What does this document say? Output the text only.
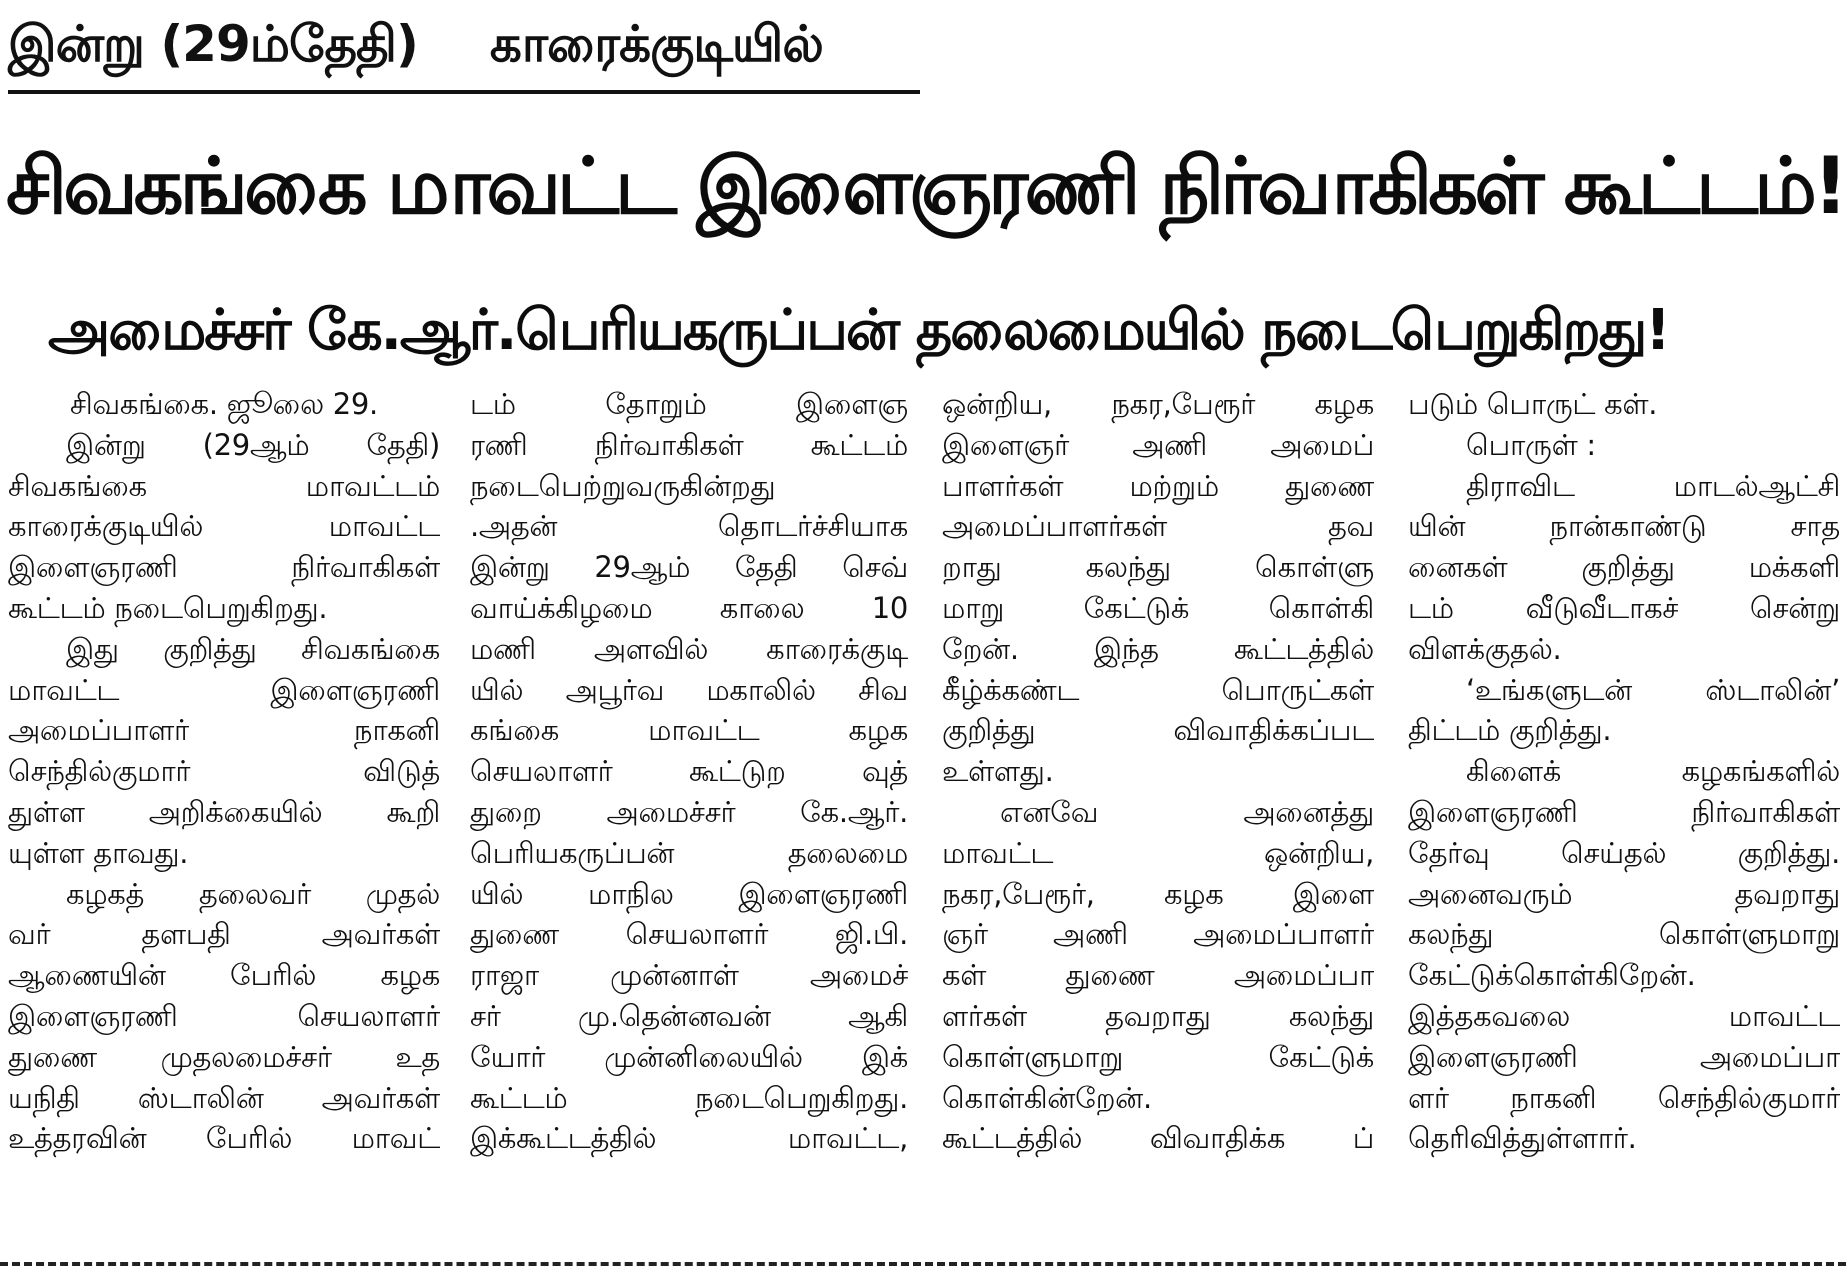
இன்று (29ம்தேதி) காரைக்குடியில்
சிவகங்கை மாவட்ட இளைஞரணி நிர்வாகிகள் கூட்டம்!
அமைச்சர் கே.ஆர்.பெரியகருப்பன் தலைமையில் நடைபெறுகிறது!
சிவகங்கை. ஜூலை 29.
இன்று (29ஆம் தேதி)
சிவகங்கை மாவட்டம்
காரைக்குடியில் மாவட்ட
இளைஞரணி நிர்வாகிகள்
கூட்டம் நடைபெறுகிறது.
இது குறித்து சிவகங்கை
மாவட்ட இளைஞரணி
அமைப்பாளர் நாகனி
செந்தில்குமார் விடுத்
துள்ள அறிக்கையில் கூறி
யுள்ள தாவது.
கழகத் தலைவர் முதல்
வர் தளபதி அவர்கள்
ஆணையின் பேரில் கழக
இளைஞரணி செயலாளர்
துணை முதலமைச்சர் உத
யநிதி ஸ்டாலின் அவர்கள்
உத்தரவின் பேரில் மாவட்
டம் தோறும் இளைஞ
ரணி நிர்வாகிகள் கூட்டம்
நடைபெற்றுவருகின்றது
.அதன் தொடர்ச்சியாக
இன்று 29ஆம் தேதி செவ்
வாய்க்கிழமை காலை 10
மணி அளவில் காரைக்குடி
யில் அபூர்வ மகாலில் சிவ
கங்கை மாவட்ட கழக
செயலாளர் கூட்டுற வுத்
துறை அமைச்சர் கே.ஆர்.
பெரியகருப்பன் தலைமை
யில் மாநில இளைஞரணி
துணை செயலாளர் ஜி.பி.
ராஜா முன்னாள் அமைச்
சர் மு.தென்னவன் ஆகி
யோர் முன்னிலையில் இக்
கூட்டம் நடைபெறுகிறது.
இக்கூட்டத்தில் மாவட்ட,
ஒன்றிய, நகர,பேரூர் கழக
இளைஞர் அணி அமைப்
பாளர்கள் மற்றும் துணை
அமைப்பாளர்கள் தவ
றாது கலந்து கொள்ளு
மாறு கேட்டுக் கொள்கி
றேன். இந்த கூட்டத்தில்
கீழ்க்கண்ட பொருட்கள்
குறித்து விவாதிக்கப்பட
உள்ளது.
எனவே அனைத்து
மாவட்ட ஒன்றிய,
நகர,பேரூர், கழக இளை
ஞர் அணி அமைப்பாளர்
கள் துணை அமைப்பா
ளர்கள் தவறாது கலந்து
கொள்ளுமாறு கேட்டுக்
கொள்கின்றேன்.
கூட்டத்தில் விவாதிக்க ப்
படும் பொருட் கள்.
பொருள் :
திராவிட மாடல்ஆட்சி
யின் நான்காண்டு சாத
னைகள் குறித்து மக்களி
டம் வீடுவீடாகச் சென்று
விளக்குதல்.
‘உங்களுடன் ஸ்டாலின்’
திட்டம் குறித்து.
கிளைக் கழகங்களில்
இளைஞரணி நிர்வாகிகள்
தேர்வு செய்தல் குறித்து.
அனைவரும் தவறாது
கலந்து கொள்ளுமாறு
கேட்டுக்கொள்கிறேன்.
இத்தகவலை மாவட்ட
இளைஞரணி அமைப்பா
ளர் நாகனி செந்தில்குமார்
தெரிவித்துள்ளார்.
